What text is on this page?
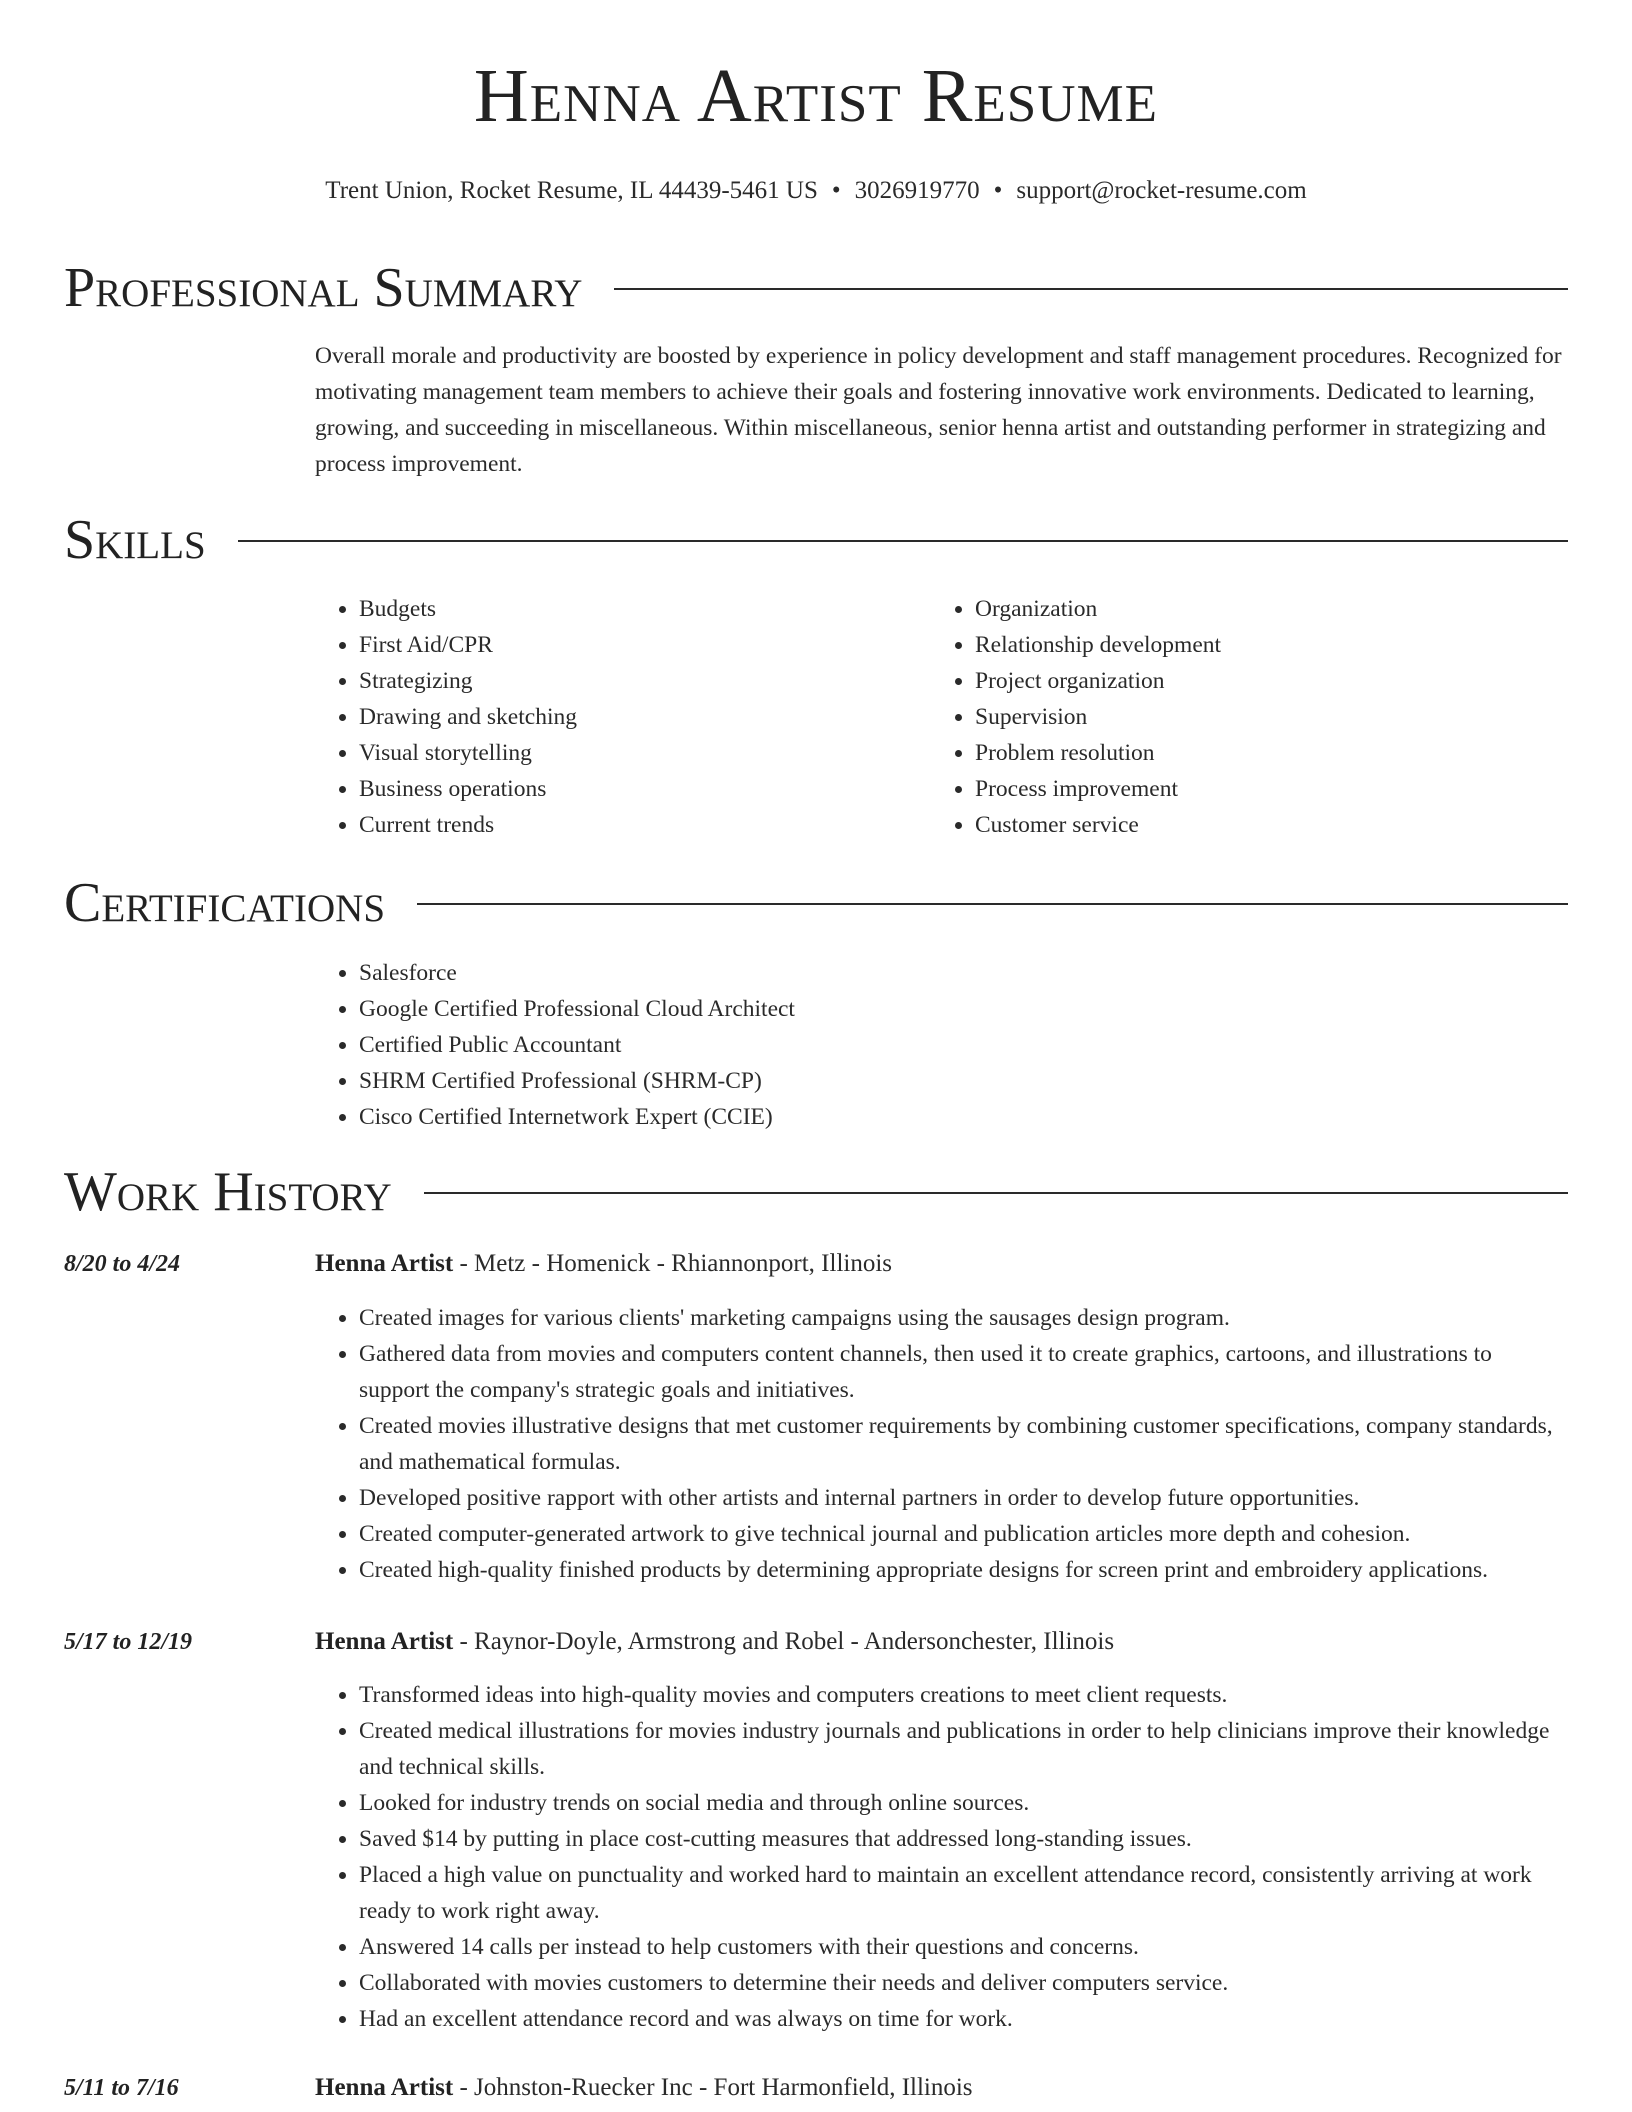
Henna Artist Resume
Trent Union, Rocket Resume, IL 44439-5461 US • 3026919770 • support@rocket-resume.com
Professional Summary

Overall morale and productivity are boosted by experience in policy development and staff management procedures. Recognized for motivating management team members to achieve their goals and fostering innovative work environments. Dedicated to learning, growing, and succeeding in miscellaneous. Within miscellaneous, senior henna artist and outstanding performer in strategizing and process improvement.

Skills
• Budgets
• First Aid/CPR
• Strategizing
• Drawing and sketching
• Visual storytelling
• Business operations
• Current trends
• Organization
• Relationship development
• Project organization
• Supervision
• Problem resolution
• Process improvement
• Customer service
Certifications
• Salesforce
• Google Certified Professional Cloud Architect
• Certified Public Accountant
• SHRM Certified Professional (SHRM-CP)
• Cisco Certified Internetwork Expert (CCIE)
Work History
8/20 to 4/24	Henna Artist - Metz - Homenick - Rhiannonport, Illinois
• Created images for various clients' marketing campaigns using the sausages design program.
• Gathered data from movies and computers content channels, then used it to create graphics, cartoons, and illustrations to support the company's strategic goals and initiatives.
• Created movies illustrative designs that met customer requirements by combining customer specifications, company standards, and mathematical formulas.
• Developed positive rapport with other artists and internal partners in order to develop future opportunities.
• Created computer-generated artwork to give technical journal and publication articles more depth and cohesion.
• Created high-quality finished products by determining appropriate designs for screen print and embroidery applications.
5/17 to 12/19	Henna Artist - Raynor-Doyle, Armstrong and Robel - Andersonchester, Illinois
• Transformed ideas into high-quality movies and computers creations to meet client requests.
• Created medical illustrations for movies industry journals and publications in order to help clinicians improve their knowledge and technical skills.
• Looked for industry trends on social media and through online sources.
• Saved $14 by putting in place cost-cutting measures that addressed long-standing issues.
• Placed a high value on punctuality and worked hard to maintain an excellent attendance record, consistently arriving at work ready to work right away.
• Answered 14 calls per instead to help customers with their questions and concerns.
• Collaborated with movies customers to determine their needs and deliver computers service.
• Had an excellent attendance record and was always on time for work.
5/11 to 7/16	Henna Artist - Johnston-Ruecker Inc - Fort Harmonfield, Illinois
